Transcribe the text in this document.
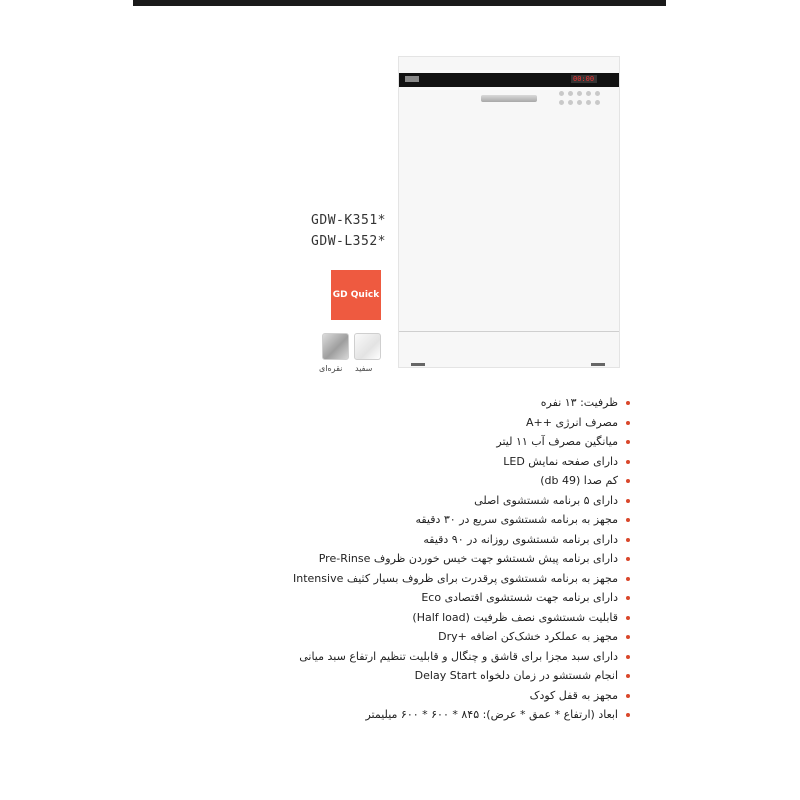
00:00
GDW-K351*
GDW-L352*
GD Quick
سفید
نقره‌ای
ظرفیت: ۱۳ نفره
مصرف انرژی ++A
میانگین مصرف آب ۱۱ لیتر
دارای صفحه نمایش LED
کم صدا (49 db)
دارای ۵ برنامه شستشوی اصلی
مجهز به برنامه شستشوی سریع در ۳۰ دقیقه
دارای برنامه شستشوی روزانه در ۹۰ دقیقه
دارای برنامه پیش شستشو جهت خیس خوردن ظروف Pre-Rinse
مجهز به برنامه شستشوی پرقدرت برای ظروف بسیار کثیف Intensive
دارای برنامه جهت شستشوی اقتصادی Eco
قابلیت شستشوی نصف ظرفیت (Half load)
مجهز به عملکرد خشک‌کن اضافه +Dry
دارای سبد مجزا برای قاشق و چنگال و قابلیت تنظیم ارتفاع سبد میانی
انجام شستشو در زمان دلخواه Delay Start
مجهز به قفل کودک
ابعاد (ارتفاع * عمق * عرض): ۸۴۵ * ۶۰۰ * ۶۰۰ میلیمتر
